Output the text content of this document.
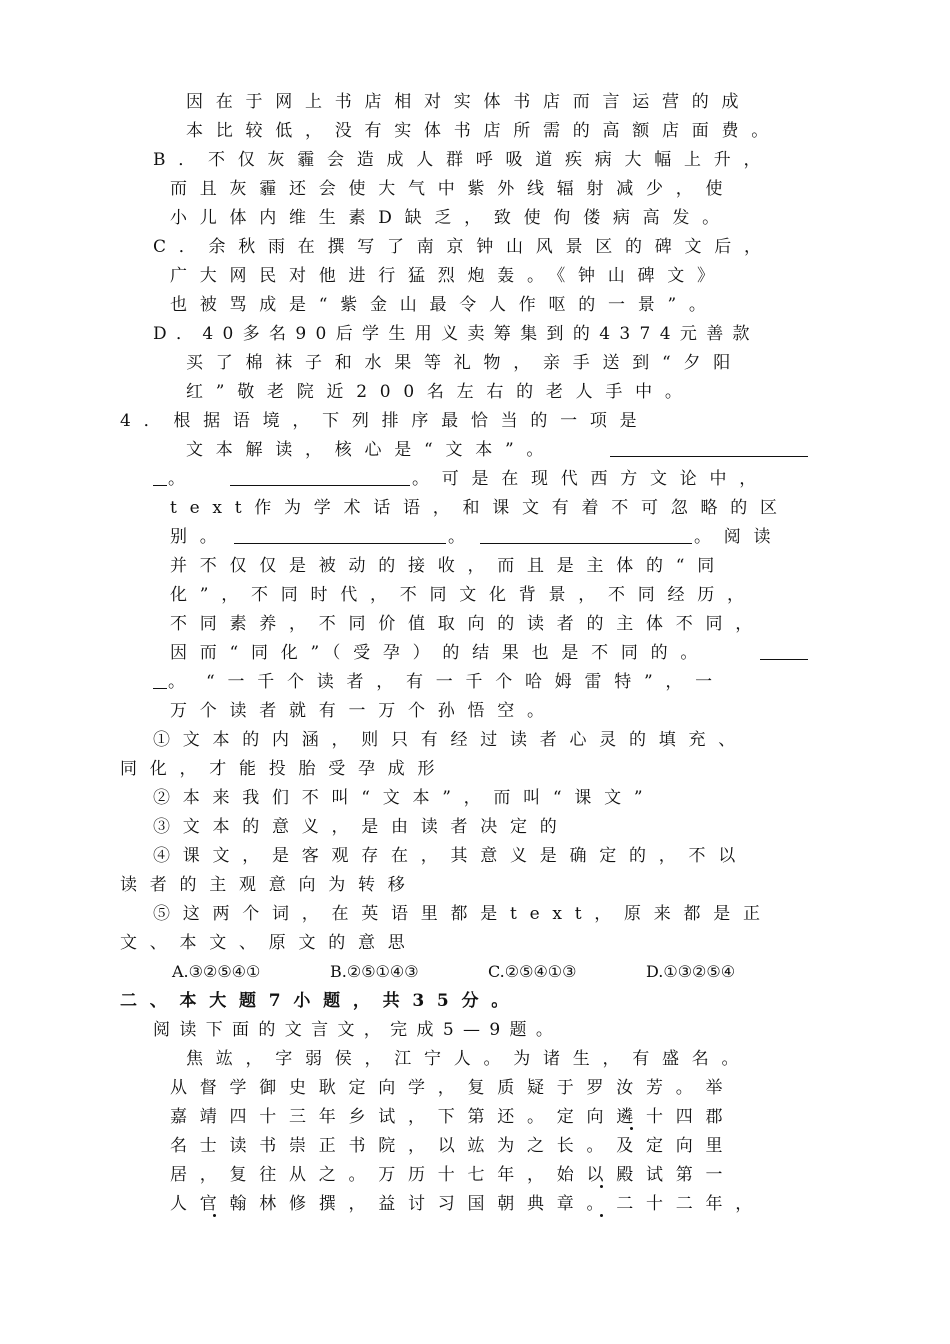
因在于网上书店相对实体书店而言运营的成
本比较低，没有实体书店所需的高额店面费。
B．不仅灰霾会造成人群呼吸道疾病大幅上升，
而且灰霾还会使大气中紫外线辐射减少，使
小儿体内维生素D缺乏，致使佝偻病高发。
C．余秋雨在撰写了南京钟山风景区的碑文后，
广大网民对他进行猛烈炮轰。《钟山碑文》
也被骂成是“紫金山最令人作呕的一景”。
D．40多名90后学生用义卖筹集到的4374元善款
买了棉袜子和水果等礼物，亲手送到“夕阳
红”敬老院近200名左右的老人手中。
4．根据语境，下列排序最恰当的一项是
文本解读，核心是“文本”。
。	。可是在现代西方文论中，
text作为学术话语，和课文有着不可忽略的区
别。	。	。阅读
并不仅仅是被动的接收，而且是主体的“同
化”，不同时代，不同文化背景，不同经历，
不同素养，不同价值取向的读者的主体不同，
因而“同化”（受孕）的结果也是不同的。
。 “一千个读者，有一千个哈姆雷特”，一
万个读者就有一万个孙悟空。
①文本的内涵，则只有经过读者心灵的填充、
同化，才能投胎受孕成形
②本来我们不叫“文本”，而叫“课文”
③文本的意义，是由读者决定的
④课文，是客观存在，其意义是确定的，不以
读者的主观意向为转移
⑤这两个词，在英语里都是text，原来都是正
文、本文、原文的意思
A.③②⑤④①	B.②⑤①④③	C.②⑤④①③	D.①③②⑤④
二、本大题7小题，共35分。
阅读下面的文言文，完成5—9题。
焦竑，字弱侯，江宁人。为诸生，有盛名。
从督学御史耿定向学，复质疑于罗汝芳。举
嘉靖四十三年乡试，下第还。定向遴十四郡
名士读书崇正书院，以竑为之长。及定向里
居，复往从之。万历十七年，始以殿试第一
人官翰林修撰，益讨习国朝典章。二十二年，
